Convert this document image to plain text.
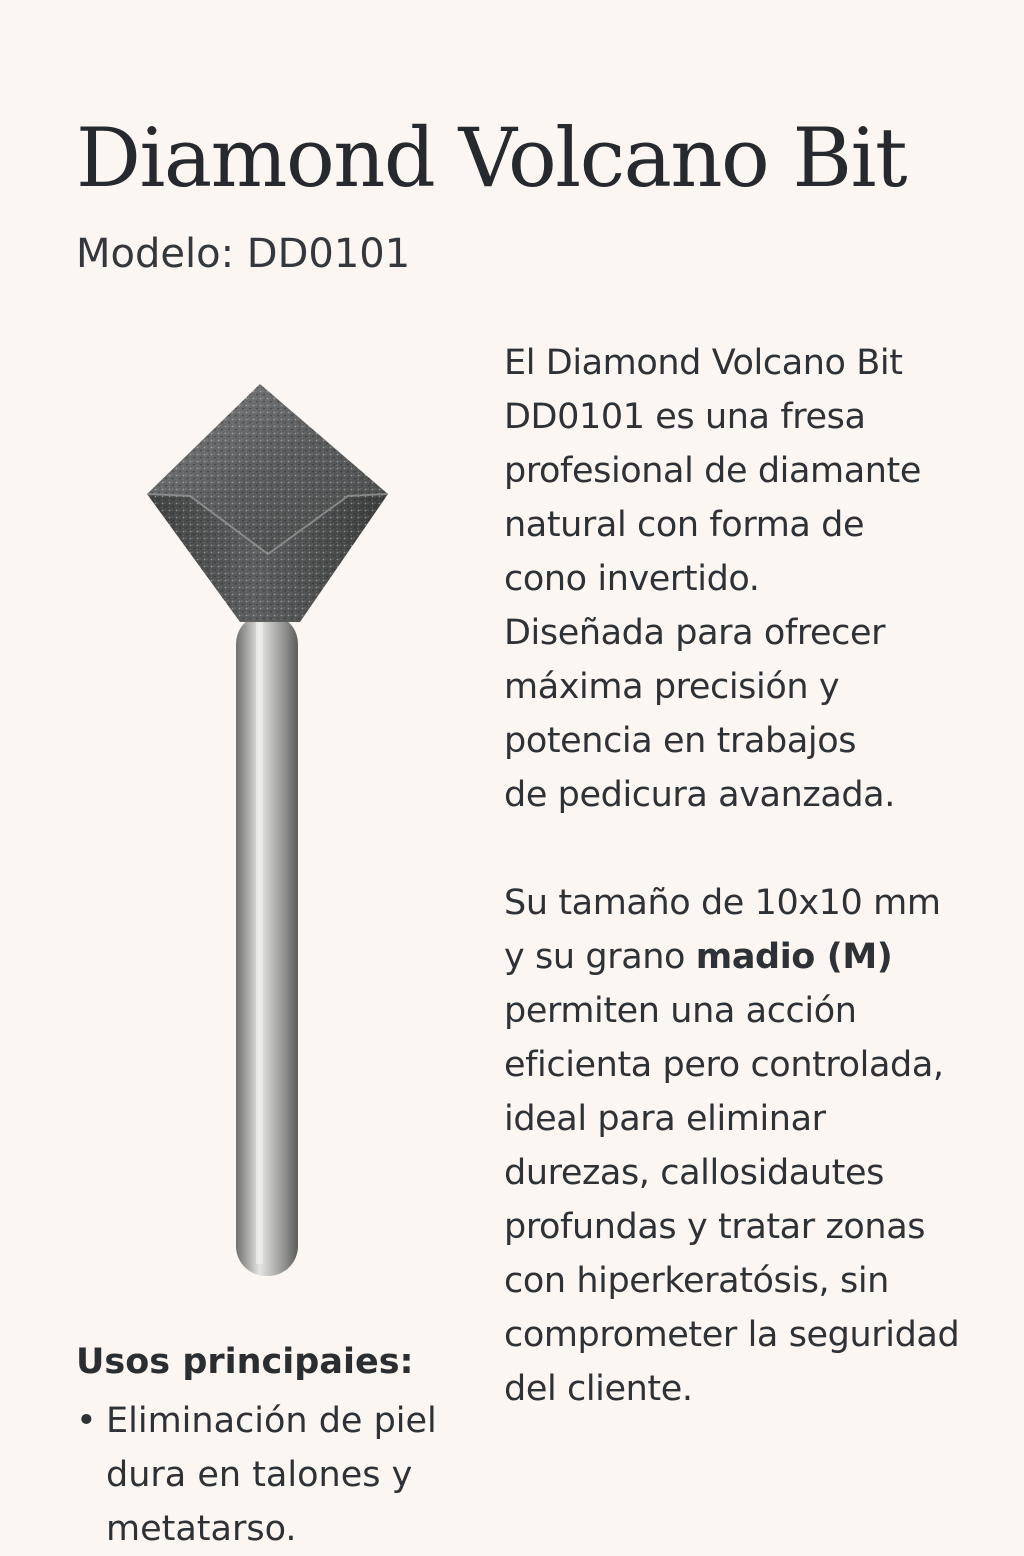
Diamond Volcano Bit
Modelo: DD0101

El Diamond Volcano Bit
DD0101 es una fresa
profesional de diamante
natural con forma de
cono invertido.
Diseñada para ofrecer
máxima precisión y
potencia en trabajos
de pedicura avanzada.

Su tamaño de 10x10 mm
y su grano madio (M)
permiten una acción
eficienta pero controlada,
ideal para eliminar
durezas, callosidautes
profundas y tratar zonas
con hiperkeratósis, sin
comprometer la seguridad
del cliente.

Usos principaies:
• Eliminación de piel
dura en talones y
metatarso.
